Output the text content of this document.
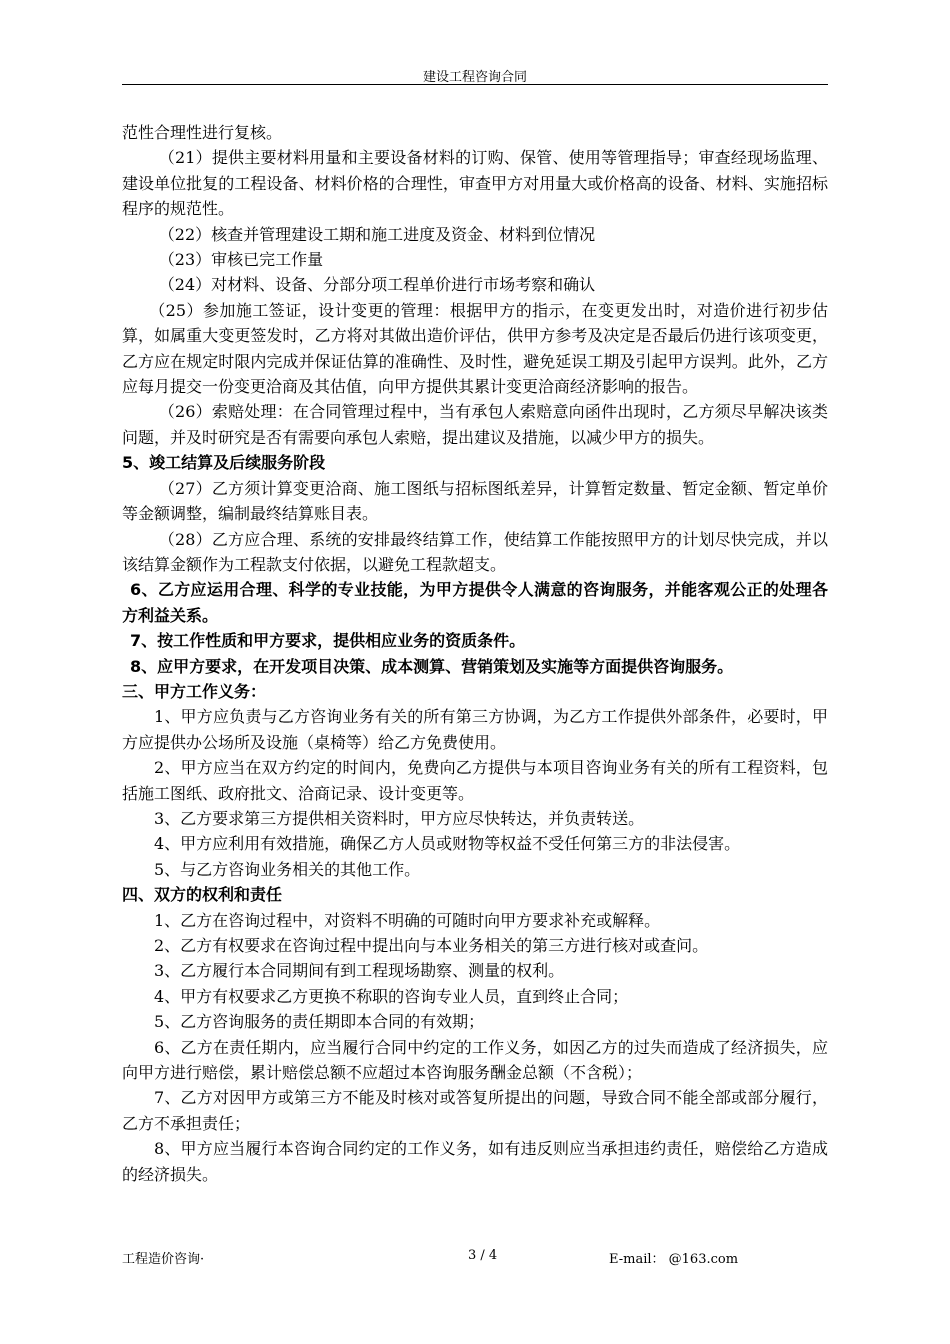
建设工程咨询合同

范性合理性进行复核。

（21）提供主要材料用量和主要设备材料的订购、保管、使用等管理指导；审查经现场监理、建设单位批复的工程设备、材料价格的合理性，审查甲方对用量大或价格高的设备、材料、实施招标程序的规范性。

（22）核查并管理建设工期和施工进度及资金、材料到位情况

（23）审核已完工作量

（24）对材料、设备、分部分项工程单价进行市场考察和确认

（25）参加施工签证，设计变更的管理：根据甲方的指示，在变更发出时，对造价进行初步估算，如属重大变更签发时，乙方将对其做出造价评估，供甲方参考及决定是否最后仍进行该项变更，乙方应在规定时限内完成并保证估算的准确性、及时性，避免延误工期及引起甲方误判。此外，乙方应每月提交一份变更洽商及其估值，向甲方提供其累计变更洽商经济影响的报告。

（26）索赔处理：在合同管理过程中，当有承包人索赔意向函件出现时，乙方须尽早解决该类问题，并及时研究是否有需要向承包人索赔，提出建议及措施，以减少甲方的损失。

5、竣工结算及后续服务阶段

（27）乙方须计算变更洽商、施工图纸与招标图纸差异，计算暂定数量、暂定金额、暂定单价等金额调整，编制最终结算账目表。

（28）乙方应合理、系统的安排最终结算工作，使结算工作能按照甲方的计划尽快完成，并以该结算金额作为工程款支付依据，以避免工程款超支。

6、乙方应运用合理、科学的专业技能，为甲方提供令人满意的咨询服务，并能客观公正的处理各方利益关系。

7、按工作性质和甲方要求，提供相应业务的资质条件。

8、应甲方要求，在开发项目决策、成本测算、营销策划及实施等方面提供咨询服务。

三、甲方工作义务：

1、甲方应负责与乙方咨询业务有关的所有第三方协调，为乙方工作提供外部条件，必要时，甲方应提供办公场所及设施（桌椅等）给乙方免费使用。

2、甲方应当在双方约定的时间内，免费向乙方提供与本项目咨询业务有关的所有工程资料，包括施工图纸、政府批文、洽商记录、设计变更等。

3、乙方要求第三方提供相关资料时，甲方应尽快转达，并负责转送。

4、甲方应利用有效措施，确保乙方人员或财物等权益不受任何第三方的非法侵害。

5、与乙方咨询业务相关的其他工作。

四、双方的权利和责任

1、乙方在咨询过程中，对资料不明确的可随时向甲方要求补充或解释。

2、乙方有权要求在咨询过程中提出向与本业务相关的第三方进行核对或查问。

3、乙方履行本合同期间有到工程现场勘察、测量的权利。

4、甲方有权要求乙方更换不称职的咨询专业人员，直到终止合同；

5、乙方咨询服务的责任期即本合同的有效期；

6、乙方在责任期内，应当履行合同中约定的工作义务，如因乙方的过失而造成了经济损失，应向甲方进行赔偿，累计赔偿总额不应超过本咨询服务酬金总额（不含税）；

7、乙方对因甲方或第三方不能及时核对或答复所提出的问题，导致合同不能全部或部分履行，乙方不承担责任；

8、甲方应当履行本咨询合同约定的工作义务，如有违反则应当承担违约责任，赔偿给乙方造成的经济损失。

工程造价咨询·	3 / 4	E-mail： @163.com
